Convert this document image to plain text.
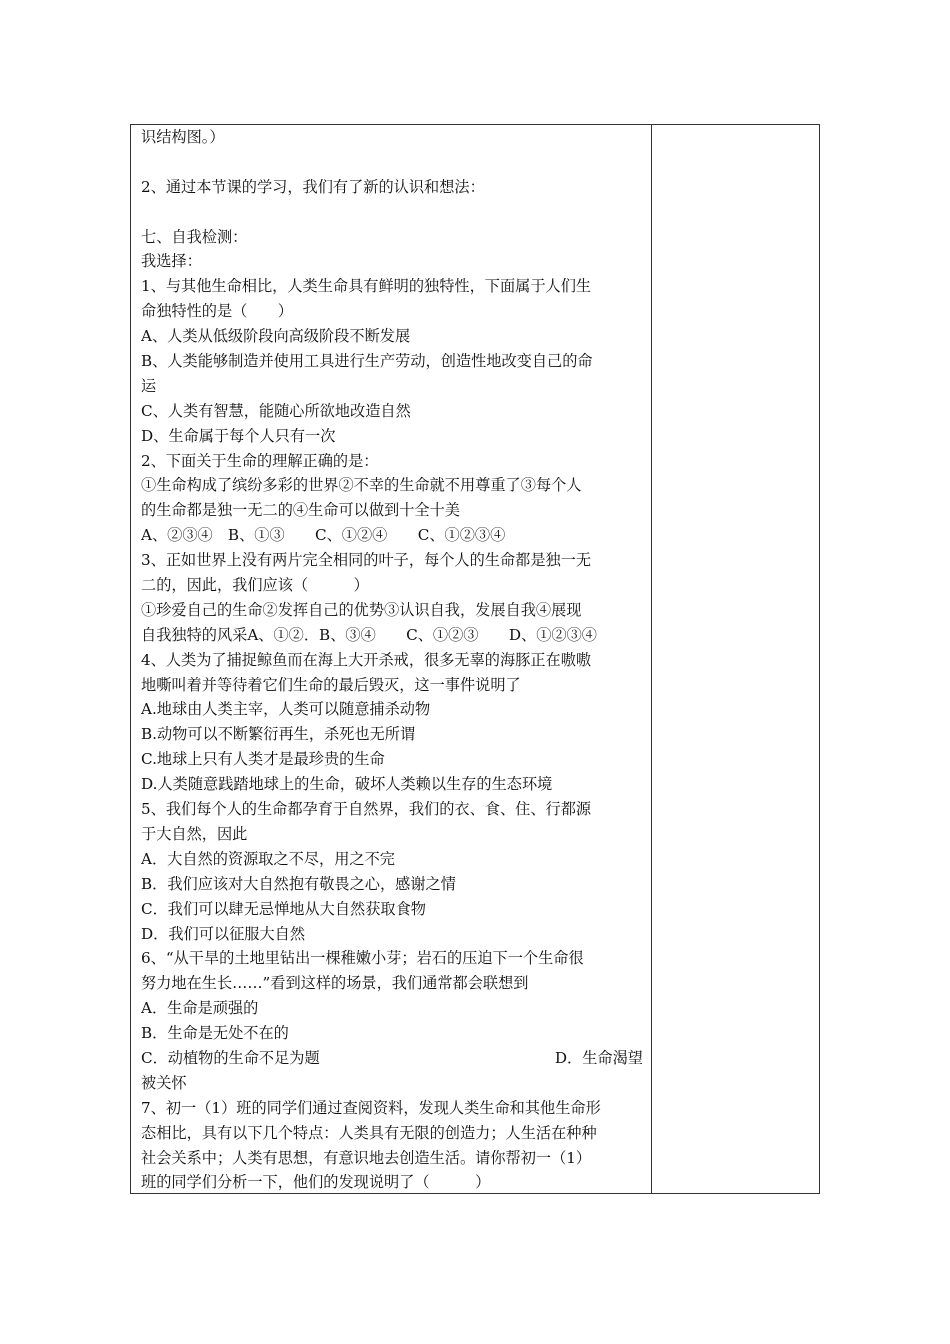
识结构图。）
2、通过本节课的学习，我们有了新的认识和想法：
七、自我检测：
我选择：
1、与其他生命相比，人类生命具有鲜明的独特性，下面属于人们生
命独特性的是（　　）
A、人类从低级阶段向高级阶段不断发展
B、人类能够制造并使用工具进行生产劳动，创造性地改变自己的命
运
C、人类有智慧，能随心所欲地改造自然
D、生命属于每个人只有一次
2、下面关于生命的理解正确的是：
①生命构成了缤纷多彩的世界②不幸的生命就不用尊重了③每个人
的生命都是独一无二的④生命可以做到十全十美
A、②③④　B、①③　　C、①②④　　C、①②③④
3、正如世界上没有两片完全相同的叶子，每个人的生命都是独一无
二的，因此，我们应该（　　　）
①珍爱自己的生命②发挥自己的优势③认识自我，发展自我④展现
自我独特的风采A、①②．B、③④　　C、①②③　　D、①②③④
4、人类为了捕捉鲸鱼而在海上大开杀戒，很多无辜的海豚正在嗷嗷
地嘶叫着并等待着它们生命的最后毁灭，这一事件说明了
A.地球由人类主宰，人类可以随意捕杀动物
B.动物可以不断繁衍再生，杀死也无所谓
C.地球上只有人类才是最珍贵的生命
D.人类随意践踏地球上的生命，破坏人类赖以生存的生态环境
5、我们每个人的生命都孕育于自然界，我们的衣、食、住、行都源
于大自然，因此
A．大自然的资源取之不尽，用之不完
B．我们应该对大自然抱有敬畏之心，感谢之情
C．我们可以肆无忌惮地从大自然获取食物
D．我们可以征服大自然
6、“从干旱的土地里钻出一棵稚嫩小芽；岩石的压迫下一个生命很
努力地在生长……”看到这样的场景，我们通常都会联想到
A．生命是顽强的
B．生命是无处不在的
C．动植物的生命不足为题	D．生命渴望
被关怀
7、初一（1）班的同学们通过查阅资料，发现人类生命和其他生命形
态相比，具有以下几个特点：人类具有无限的创造力；人生活在种种
社会关系中；人类有思想，有意识地去创造生活。请你帮初一（1）
班的同学们分析一下，他们的发现说明了（　　　）
